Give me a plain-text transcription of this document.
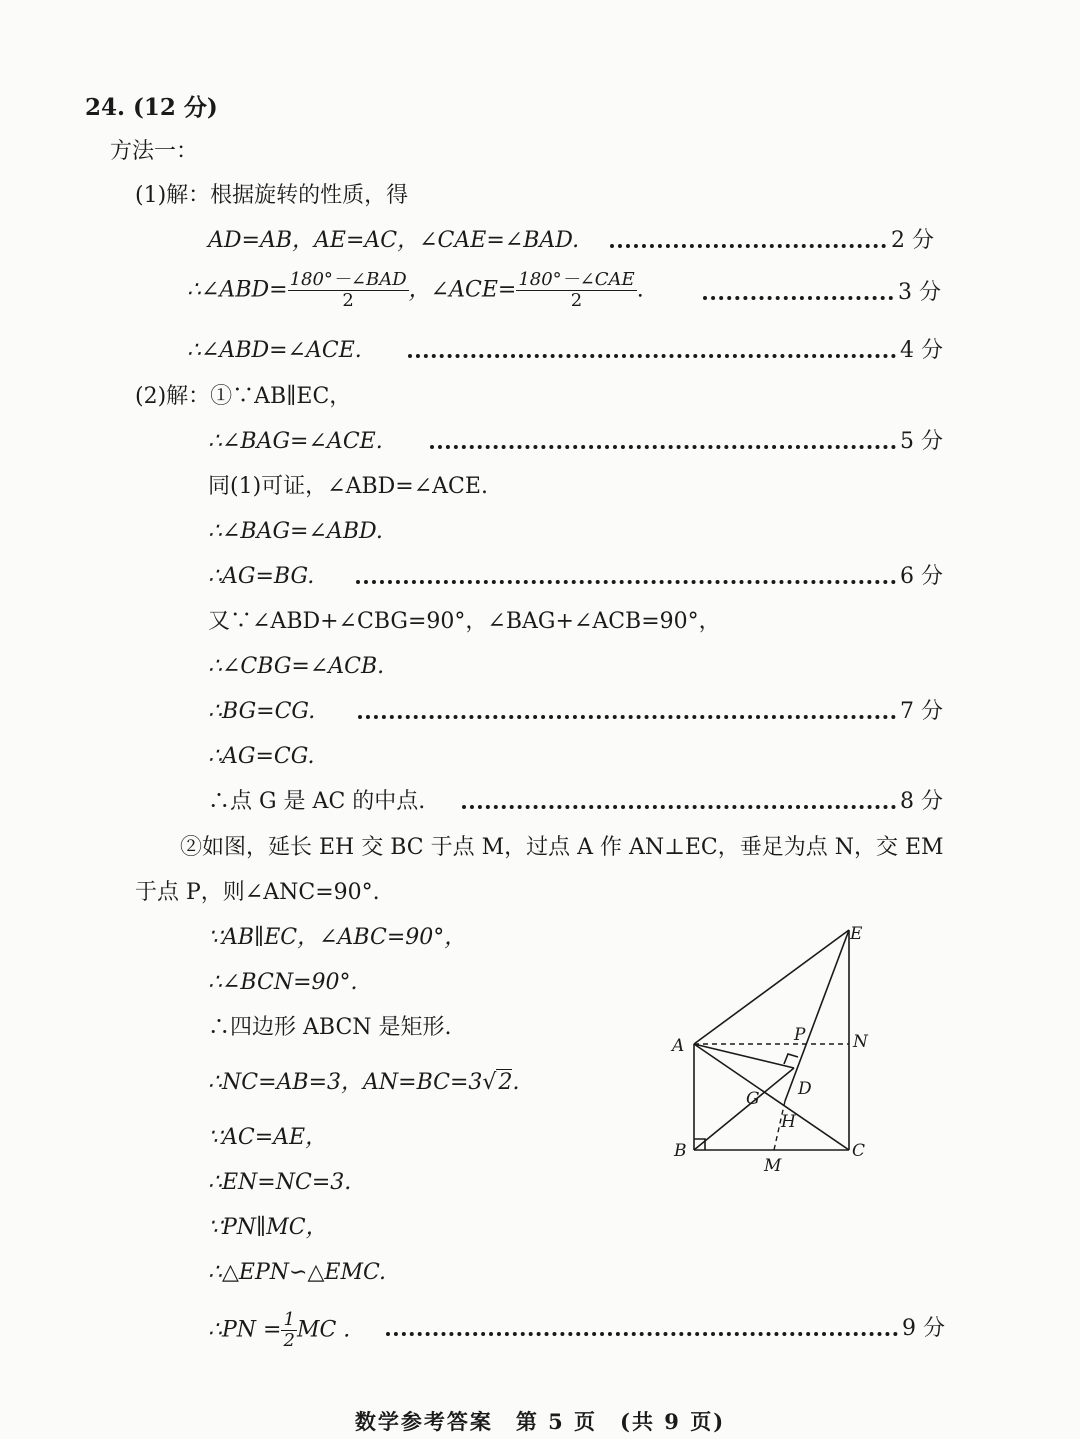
24. (12 分)
方法一：
(1)解：根据旋转的性质，得
AD=AB，AE=AC，∠CAE=∠BAD.	2 分
∴∠ABD= $\frac{\text{180°－∠BAD}}{2}$ ，∠ACE= $\frac{\text{180°－∠CAE}}{2}$ .	3 分
∴∠ABD=∠ACE.	4 分
(2)解：①∵AB∥EC，
∴∠BAG=∠ACE.	5 分
同(1)可证，∠ABD=∠ACE.
∴∠BAG=∠ABD.
∴AG=BG.	6 分
又∵∠ABD+∠CBG=90°，∠BAG+∠ACB=90°，
∴∠CBG=∠ACB.
∴BG=CG.	7 分
∴AG=CG.
∴点 G 是 AC 的中点.	8 分
②如图，延长 EH 交 BC 于点 M，过点 A 作 AN⊥EC，垂足为点 N，交 EM
于点 P，则∠ANC=90°.
∵AB∥EC，∠ABC=90°，
∴∠BCN=90°.
∴四边形 ABCN 是矩形.
∴NC=AB=3，AN=BC=3√2.
∵AC=AE，
∴EN=NC=3.
∵PN∥MC，
∴△EPN∽△EMC.
∴PN = $\frac{1}{2}$ MC .	9 分
A
B	C
D
E
G
H
M
N
P
数学参考答案　第 5 页　(共 9 页)
